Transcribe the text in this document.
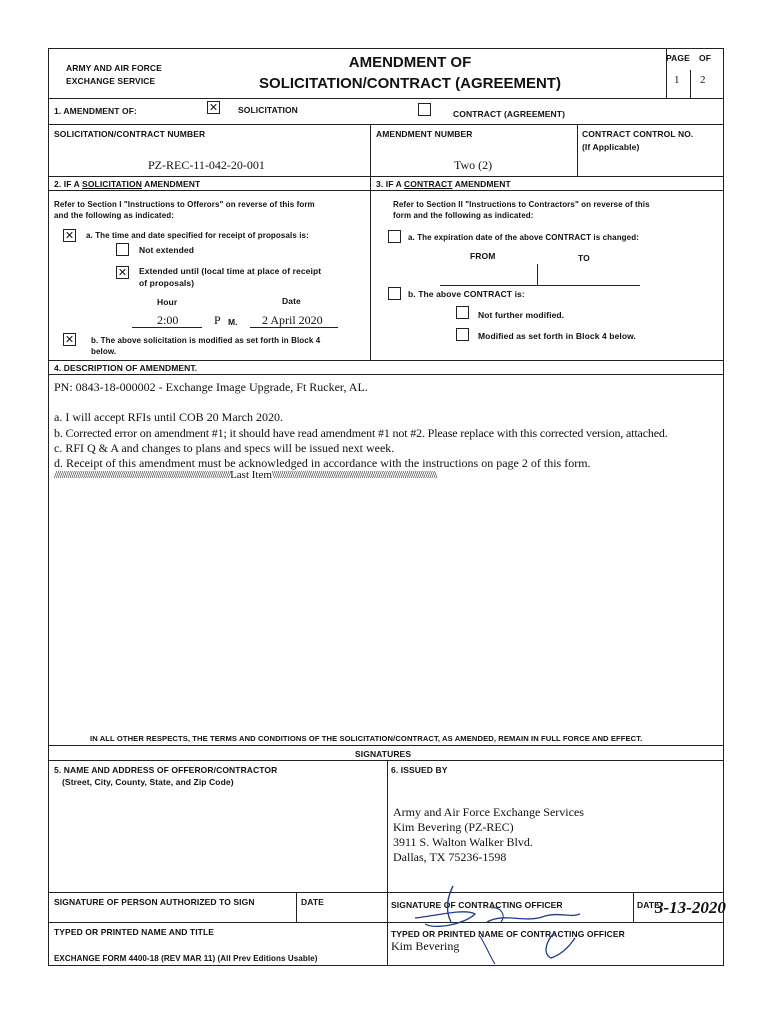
ARMY AND AIR FORCE
EXCHANGE SERVICE
AMENDMENT OF
SOLICITATION/CONTRACT (AGREEMENT)
PAGE OF
1 2
1. AMENDMENT OF:	✕ SOLICITATION	CONTRACT (AGREEMENT)
SOLICITATION/CONTRACT NUMBER
PZ-REC-11-042-20-001
AMENDMENT NUMBER
Two (2)
CONTRACT CONTROL NO.
(If Applicable)
2. IF A SOLICITATION AMENDMENT
Refer to Section I "Instructions to Offerors" on reverse of this form
and the following as indicated:
✕ a. The time and date specified for receipt of proposals is:
Not extended
✕ Extended until (local time at place of receipt
of proposals)
Hour	Date
2:00	P M. 2 April 2020
✕ b. The above solicitation is modified as set forth in Block 4
below.
3. IF A CONTRACT AMENDMENT
Refer to Section II "Instructions to Contractors" on reverse of this
form and the following as indicated:
a. The expiration date of the above CONTRACT is changed:
FROM	TO
b. The above CONTRACT is:
Not further modified.
Modified as set forth in Block 4 below.
4. DESCRIPTION OF AMENDMENT.
PN: 0843-18-000002 - Exchange Image Upgrade, Ft Rucker, AL.
a. I will accept RFIs until COB 20 March 2020.
b. Corrected error on amendment #1; it should have read amendment #1 not #2. Please replace with this corrected version, attached.
c. RFI Q & A and changes to plans and specs will be issued next week.
d. Receipt of this amendment must be acknowledged in accordance with the instructions on page 2 of this form.
//////////////////////////////////////////////////////////////////////////////////////////Last Item\\\\\\\\\\\\\\\\\\\\\\\\\\\\\\\\\\\\\\\\\\\\\\\\\\\\\\\\\\\\\\\\\\\\\\\\\\\\\\\\\\\\
IN ALL OTHER RESPECTS, THE TERMS AND CONDITIONS OF THE SOLICITATION/CONTRACT, AS AMENDED, REMAIN IN FULL FORCE AND EFFECT.
SIGNATURES
5. NAME AND ADDRESS OF OFFEROR/CONTRACTOR
(Street, City, County, State, and Zip Code)
6. ISSUED BY
Army and Air Force Exchange Services
Kim Bevering (PZ-REC)
3911 S. Walton Walker Blvd.
Dallas, TX 75236-1598
SIGNATURE OF PERSON AUTHORIZED TO SIGN	DATE	SIGNATURE OF CONTRACTING OFFICER	DATE
3-13-2020
TYPED OR PRINTED NAME AND TITLE	TYPED OR PRINTED NAME OF CONTRACTING OFFICER
Kim Bevering
EXCHANGE FORM 4400-18 (REV MAR 11) (All Prev Editions Usable)
